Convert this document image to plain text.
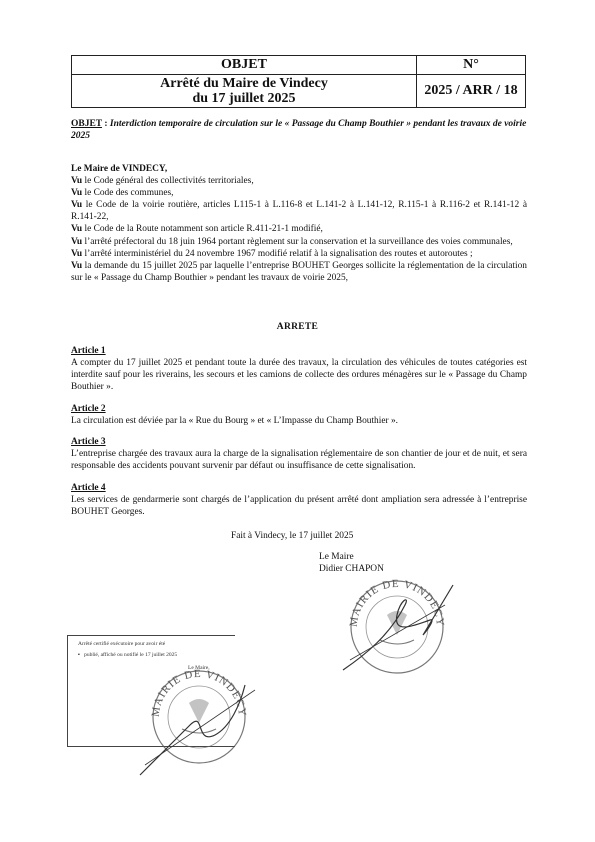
OBJET	N°

Arrêté du Maire de Vindecy
du 17 juillet 2025	2025 / ARR / 18
OBJET : Interdiction temporaire de circulation sur le « Passage du Champ Bouthier » pendant les travaux de voirie 2025
Le Maire de VINDECY,

Vu le Code général des collectivités territoriales,

Vu le Code des communes,

Vu le Code de la voirie routière, articles L115-1 à L.116-8 et L.141-2 à L.141-12, R.115-1 à R.116-2 et R.141-12 à R.141-22,

Vu le Code de la Route notamment son article R.411-21-1 modifié,

Vu l’arrêté préfectoral du 18 juin 1964 portant règlement sur la conservation et la surveillance des voies communales,

Vu l’arrêté interministériel du 24 novembre 1967 modifié relatif à la signalisation des routes et autoroutes ;

Vu la demande du 15 juillet 2025 par laquelle l’entreprise BOUHET Georges sollicite la réglementation de la circulation sur le « Passage du Champ Bouthier » pendant les travaux de voirie 2025,

ARRETE
Article 1

A compter du 17 juillet 2025 et pendant toute la durée des travaux, la circulation des véhicules de toutes catégories est interdite sauf pour les riverains, les secours et les camions de collecte des ordures ménagères sur le « Passage du Champ Bouthier ».

Article 2

La circulation est déviée par la « Rue du Bourg » et « L’Impasse du Champ Bouthier ».

Article 3

L’entreprise chargée des travaux aura la charge de la signalisation réglementaire de son chantier de jour et de nuit, et sera responsable des accidents pouvant survenir par défaut ou insuffisance de cette signalisation.

Article 4

Les services de gendarmerie sont chargés de l’application du présent arrêté dont ampliation sera adressée à l’entreprise BOUHET Georges.

Fait à Vindecy, le 17 juillet 2025
Le Maire
Didier CHAPON
MAIRIE DE VINDECY
Arrêté certifié exécutoire pour avoir été
▪   publié, affiché ou notifié le 17 juillet 2025
Le Maire,
MAIRIE DE VINDECY
